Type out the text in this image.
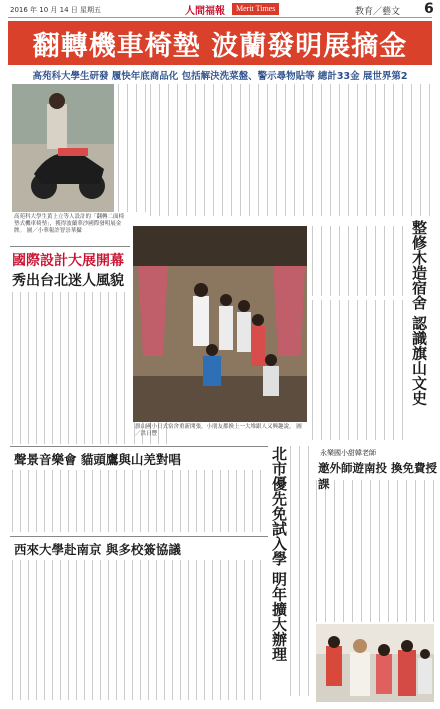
2016 年 10 月 14 日 星期五	人間福報	Merit Times	教育／藝文 6
翻轉機車椅墊 波蘭發明展摘金
高苑科大學生研發 履快年底商品化 包括解決洗菜盤、警示尋物貼等 總計33金 展世界第2
高苑科大學生黃上立等人設計的「翻轉二面椅墊式機車椅墊」，獲得波蘭華沙國際發明展金牌。 圖／小華報許智崇華攝
國際設計大展開幕
秀出台北迷人風貌	整修木造宿舍 認識旗山文史
旗山國小日式宿舍重新開張，小朋友都換上一大堆跟人又興趣說。 圖／洪日豐
聲景音樂會 貓頭鷹與山羌對唱
西來大學赴南京 與多校簽協議	北市優先免試入學 明年擴大辦理	永樂國小甜韓老師
邀外師遊南投 換免費授課
